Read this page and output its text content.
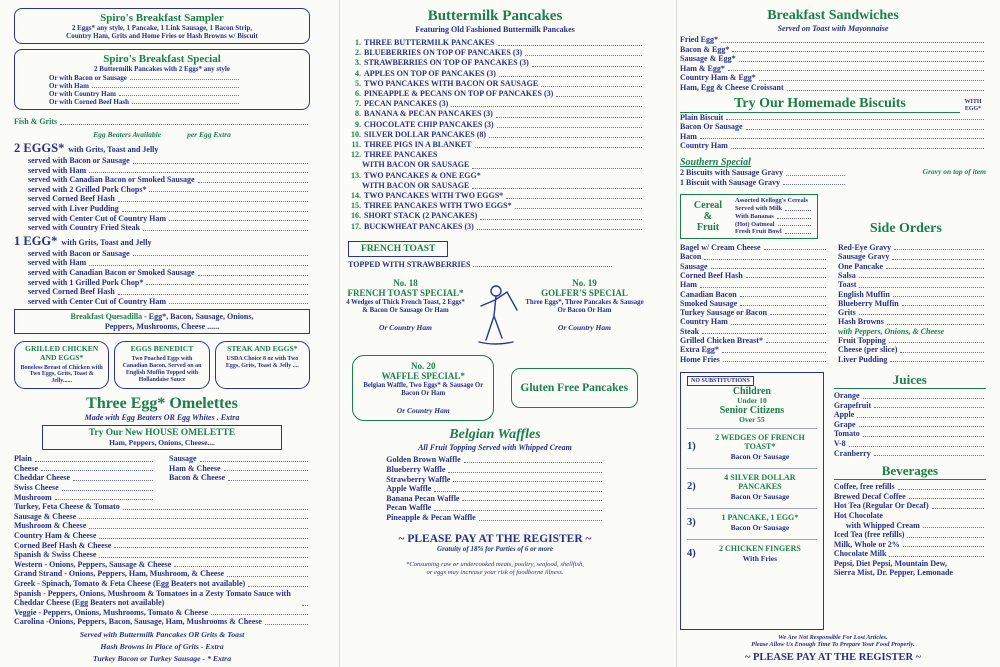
Spiro's Breakfast Sampler
2 Eggs* any style, 1 Pancake, 1 Link Sausage, 1 Bacon Strip,
Country Ham, Grits and Home Fries or Hash Browns w/ Biscuit
Spiro's Breakfast Special
2 Buttermilk Pancakes with 2 Eggs* any style
Or with Bacon or Sausage
Or with Ham
Or with Country Ham
Or with Corned Beef Hash
Fish & Grits
Egg Beaters Available	per Egg Extra
2 EGGS* with Grits, Toast and Jelly
served with Bacon or Sausage
served with Ham
served with Canadian Bacon or Smoked Sausage
served with 2 Grilled Pork Chops*
served Corned Beef Hash
served with Liver Pudding
served with Center Cut of Country Ham
served with Country Fried Steak
1 EGG* with Grits, Toast and Jelly
served with Bacon or Sausage
served with Ham
served with Canadian Bacon or Smoked Sausage
served with 1 Grilled Pork Chop*
served Corned Beef Hash
served with Center Cut of Country Ham
Breakfast Quesadilla - Egg*, Bacon, Sausage, Onions,
Peppers, Mushrooms, Cheese ......
GRILLED CHICKEN AND EGGS*
Boneless Breast of Chicken with Two Eggs, Grits, Toast & Jelly......
EGGS BENEDICT
Two Poached Eggs with Canadian Bacon, Served on an English Muffin Topped with Hollandaise Sauce
STEAK AND EGGS*
USDA Choice 8 oz with Two Eggs, Grits, Toast & Jelly ....
Three Egg* Omelettes
Made with Egg Beaters OR Egg Whites . Extra
Try Our New HOUSE OMELETTE
Ham, Peppers, Onions, Cheese....
Plain
Cheese
Cheddar Cheese
Swiss Cheese
Mushroom
Sausage
Ham & Cheese
Bacon & Cheese
Turkey, Feta Cheese & Tomato
Sausage & Cheese
Mushroom & Cheese
Country Ham & Cheese
Corned Beef Hash & Cheese
Spanish & Swiss Cheese
Western - Onions, Peppers, Sausage & Cheese
Grand Strand - Onions, Peppers, Ham, Mushroom, & Cheese
Greek - Spinach, Tomato & Feta Cheese (Egg Beaters not available)
Spanish - Peppers, Onions, Mushroom & Tomatoes in a Zesty Tomato Sauce with Cheddar Cheese (Egg Beaters not available)
Veggie - Peppers, Onions, Mushrooms, Tomato & Cheese
Carolina -Onions, Peppers, Bacon, Sausage, Ham, Mushrooms & Cheese
Served with Buttermilk Pancakes OR Grits & Toast
Hash Browns in Place of Grits - Extra
Turkey Bacon or Turkey Sausage - * Extra
Buttermilk Pancakes
Featuring Old Fashioned Buttermilk Pancakes
1. THREE BUTTERMILK PANCAKES
2. BLUEBERRIES ON TOP OF PANCAKES (3)
3. STRAWBERRIES ON TOP OF PANCAKES (3)
4. APPLES ON TOP OF PANCAKES (3)
5. TWO PANCAKES WITH BACON OR SAUSAGE
6. PINEAPPLE & PECANS ON TOP OF PANCAKES (3)
7. PECAN PANCAKES (3)
8. BANANA & PECAN PANCAKES (3)
9. CHOCOLATE CHIP PANCAKES (3)
10. SILVER DOLLAR PANCAKES (8)
11. THREE PIGS IN A BLANKET
12. THREE PANCAKES
WITH BACON OR SAUSAGE
13. TWO PANCAKES & ONE EGG*
WITH BACON OR SAUSAGE
14. TWO PANCAKES WITH TWO EGGS*
15. THREE PANCAKES WITH TWO EGGS*
16. SHORT STACK (2 PANCAKES)
17. BUCKWHEAT PANCAKES (3)
FRENCH TOAST
TOPPED WITH STRAWBERRIES
No. 18
FRENCH TOAST SPECIAL*
4 Wedges of Thick French Toast, 2 Eggs* & Bacon Or Sausage Or Ham
Or Country Ham
No. 19
GOLFER'S SPECIAL
Three Eggs*, Three Pancakes & Sausage Or Bacon Or Ham
Or Country Ham
No. 20
WAFFLE SPECIAL*
Belgian Waffle, Two Eggs* & Sausage Or Bacon Or Ham
Or Country Ham
Gluten Free Pancakes
Belgian Waffles
All Fruit Topping Served with Whipped Cream
Golden Brown Waffle
Blueberry Waffle
Strawberry Waffle
Apple Waffle
Banana Pecan Waffle
Pecan Waffle
Pineapple & Pecan Waffle
~ PLEASE PAY AT THE REGISTER ~
Gratuity of 18% for Parties of 6 or more
*Consuming raw or undercooked meats, poultry, seafood, shellfish,
or eggs may increase your risk of foodborne illness.
Breakfast Sandwiches
Served on Toast with Mayonnaise
Fried Egg*
Bacon & Egg*
Sausage & Egg*
Ham & Egg*
Country Ham & Egg*
Ham, Egg & Cheese Croissant
Try Our Homemade Biscuits	WITH EGG*
Plain Biscuit
Bacon Or Sausage
Ham
Country Ham
Southern Special
2 Biscuits with Sausage Gravy
1 Biscuit with Sausage Gravy
Gravy on top of item
Cereal
&
Fruit
Assorted Kellogg's Cereals
Served with Milk
With Bananas
(Hot) Oatmeal
Fresh Fruit Bowl	Side Orders
Bagel w/ Cream Cheese
Bacon
Sausage
Corned Beef Hash
Ham
Canadian Bacon
Smoked Sausage
Turkey Sausage or Bacon
Country Ham
Steak
Grilled Chicken Breast*
Extra Egg*
Home Fries
Red-Eye Gravy
Sausage Gravy
One Pancake
Salsa
Toast
English Muffin
Blueberry Muffin
Grits
Hash Browns
with Peppers, Onions, & Cheese
Fruit Topping
Cheese (per slice)
Liver Pudding
NO SUBSTITUTIONS
Children
Under 10
Senior Citizens
Over 55
1)
2 WEDGES OF FRENCH TOAST*
Bacon Or Sausage
2)
4 SILVER DOLLAR PANCAKES
Bacon Or Sausage
3)	1 PANCAKE, 1 EGG*
Bacon Or Sausage
4)	2 CHICKEN FINGERS
With Fries
Juices
Orange
Grapefruit
Apple
Grape
Tomato
V-8
Cranberry
Beverages
Coffee, free refills
Brewed Decaf Coffee
Hot Tea (Regular Or Decaf)
Hot Chocolate
with Whipped Cream
Iced Tea (free refills)
Milk, Whole or 2%
Chocolate Milk
Pepsi, Diet Pepsi, Mountain Dew,
Sierra Mist, Dr. Pepper, Lemonade
We Are Not Responsible For Lost Articles.
Please Allow Us Enough Time To Prepare Your Food Properly.
~ PLEASE PAY AT THE REGISTER ~
